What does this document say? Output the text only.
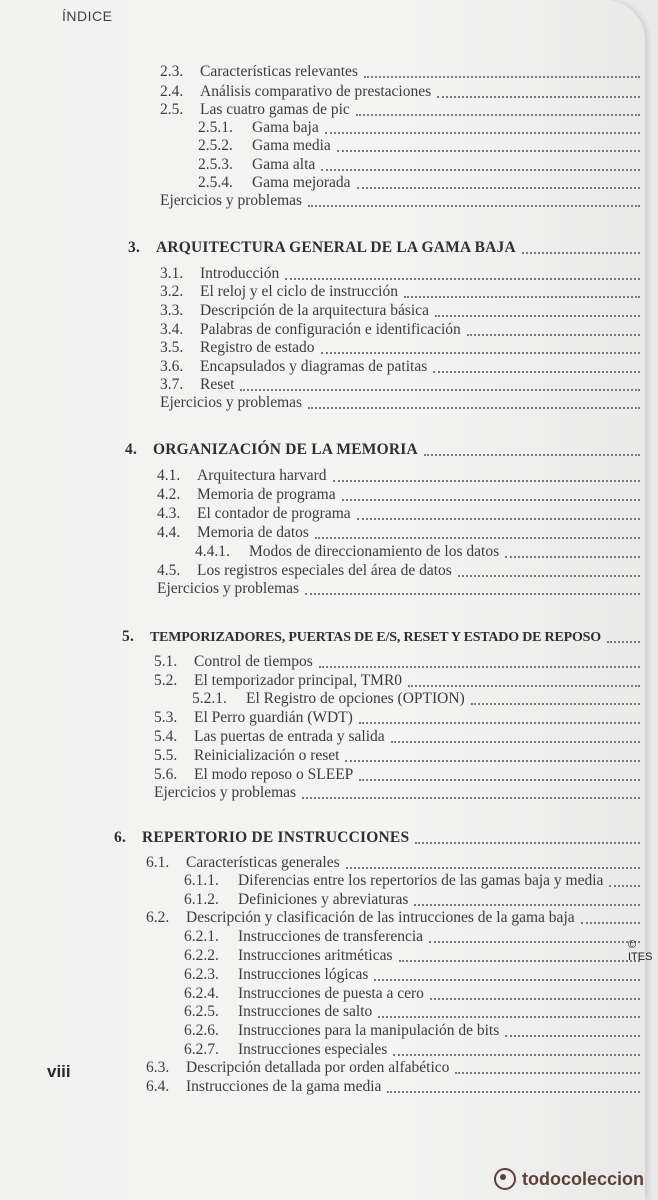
ÍNDICE
2.3. Características relevantes
2.4. Análisis comparativo de prestaciones
2.5. Las cuatro gamas de pic
2.5.1. Gama baja
2.5.2. Gama media
2.5.3. Gama alta
2.5.4. Gama mejorada
Ejercicios y problemas
3. ARQUITECTURA GENERAL DE LA GAMA BAJA
3.1. Introducción
3.2. El reloj y el ciclo de instrucción
3.3. Descripción de la arquitectura básica
3.4. Palabras de configuración e identificación
3.5. Registro de estado
3.6. Encapsulados y diagramas de patitas
3.7. Reset
Ejercicios y problemas
4. ORGANIZACIÓN DE LA MEMORIA
4.1. Arquitectura harvard
4.2. Memoria de programa
4.3. El contador de programa
4.4. Memoria de datos
4.4.1. Modos de direccionamiento de los datos
4.5. Los registros especiales del área de datos
Ejercicios y problemas
5. TEMPORIZADORES, PUERTAS DE E/S, RESET Y ESTADO DE REPOSO
5.1. Control de tiempos
5.2. El temporizador principal, TMR0
5.2.1. El Registro de opciones (OPTION)
5.3. El Perro guardián (WDT)
5.4. Las puertas de entrada y salida
5.5. Reinicialización o reset
5.6. El modo reposo o SLEEP
Ejercicios y problemas
6. REPERTORIO DE INSTRUCCIONES
6.1. Características generales
6.1.1. Diferencias entre los repertorios de las gamas baja y media
6.1.2. Definiciones y abreviaturas
6.2. Descripción y clasificación de las intrucciones de la gama baja
6.2.1. Instrucciones de transferencia
6.2.2. Instrucciones aritméticas
6.2.3. Instrucciones lógicas
6.2.4. Instrucciones de puesta a cero
6.2.5. Instrucciones de salto
6.2.6. Instrucciones para la manipulación de bits
6.2.7. Instrucciones especiales
6.3. Descripción detallada por orden alfabético
6.4. Instrucciones de la gama media
viii
© ITES
todocoleccion
